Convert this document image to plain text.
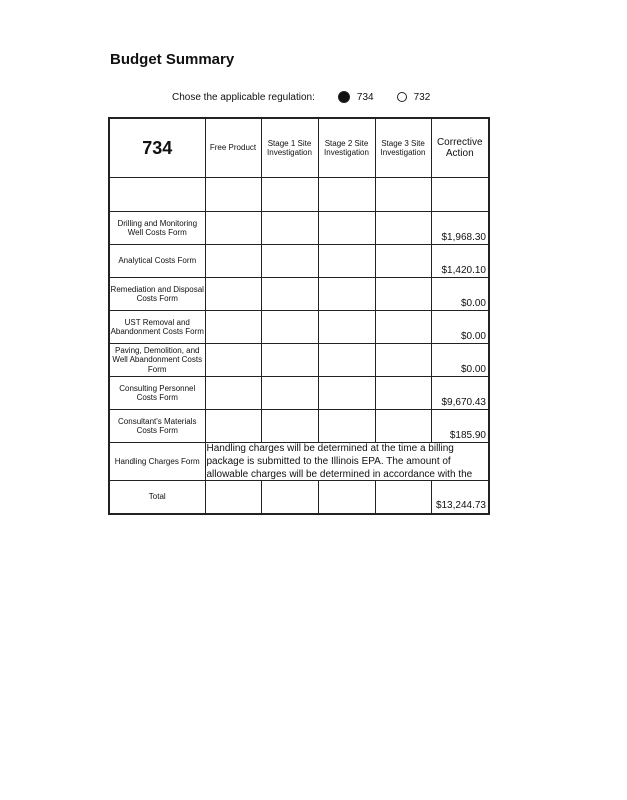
Budget Summary
Chose the applicable regulation:	734	732
734	Free Product	Stage 1 Site Investigation	Stage 2 Site Investigation	Stage 3 Site Investigation	Corrective Action

Drilling and Monitoring Well Costs Form					$1,968.30
Analytical Costs Form					$1,420.10
Remediation and Disposal Costs Form					$0.00
UST Removal and Abandonment Costs Form					$0.00
Paving, Demolition, and Well Abandonment Costs Form					$0.00
Consulting Personnel Costs Form					$9,670.43
Consultant's Materials Costs Form					$185.90
Handling Charges Form	Handling charges will be determined at the time a billing package is submitted to the Illinois EPA. The amount of allowable charges will be determined in accordance with the				

Total					$13,244.73
